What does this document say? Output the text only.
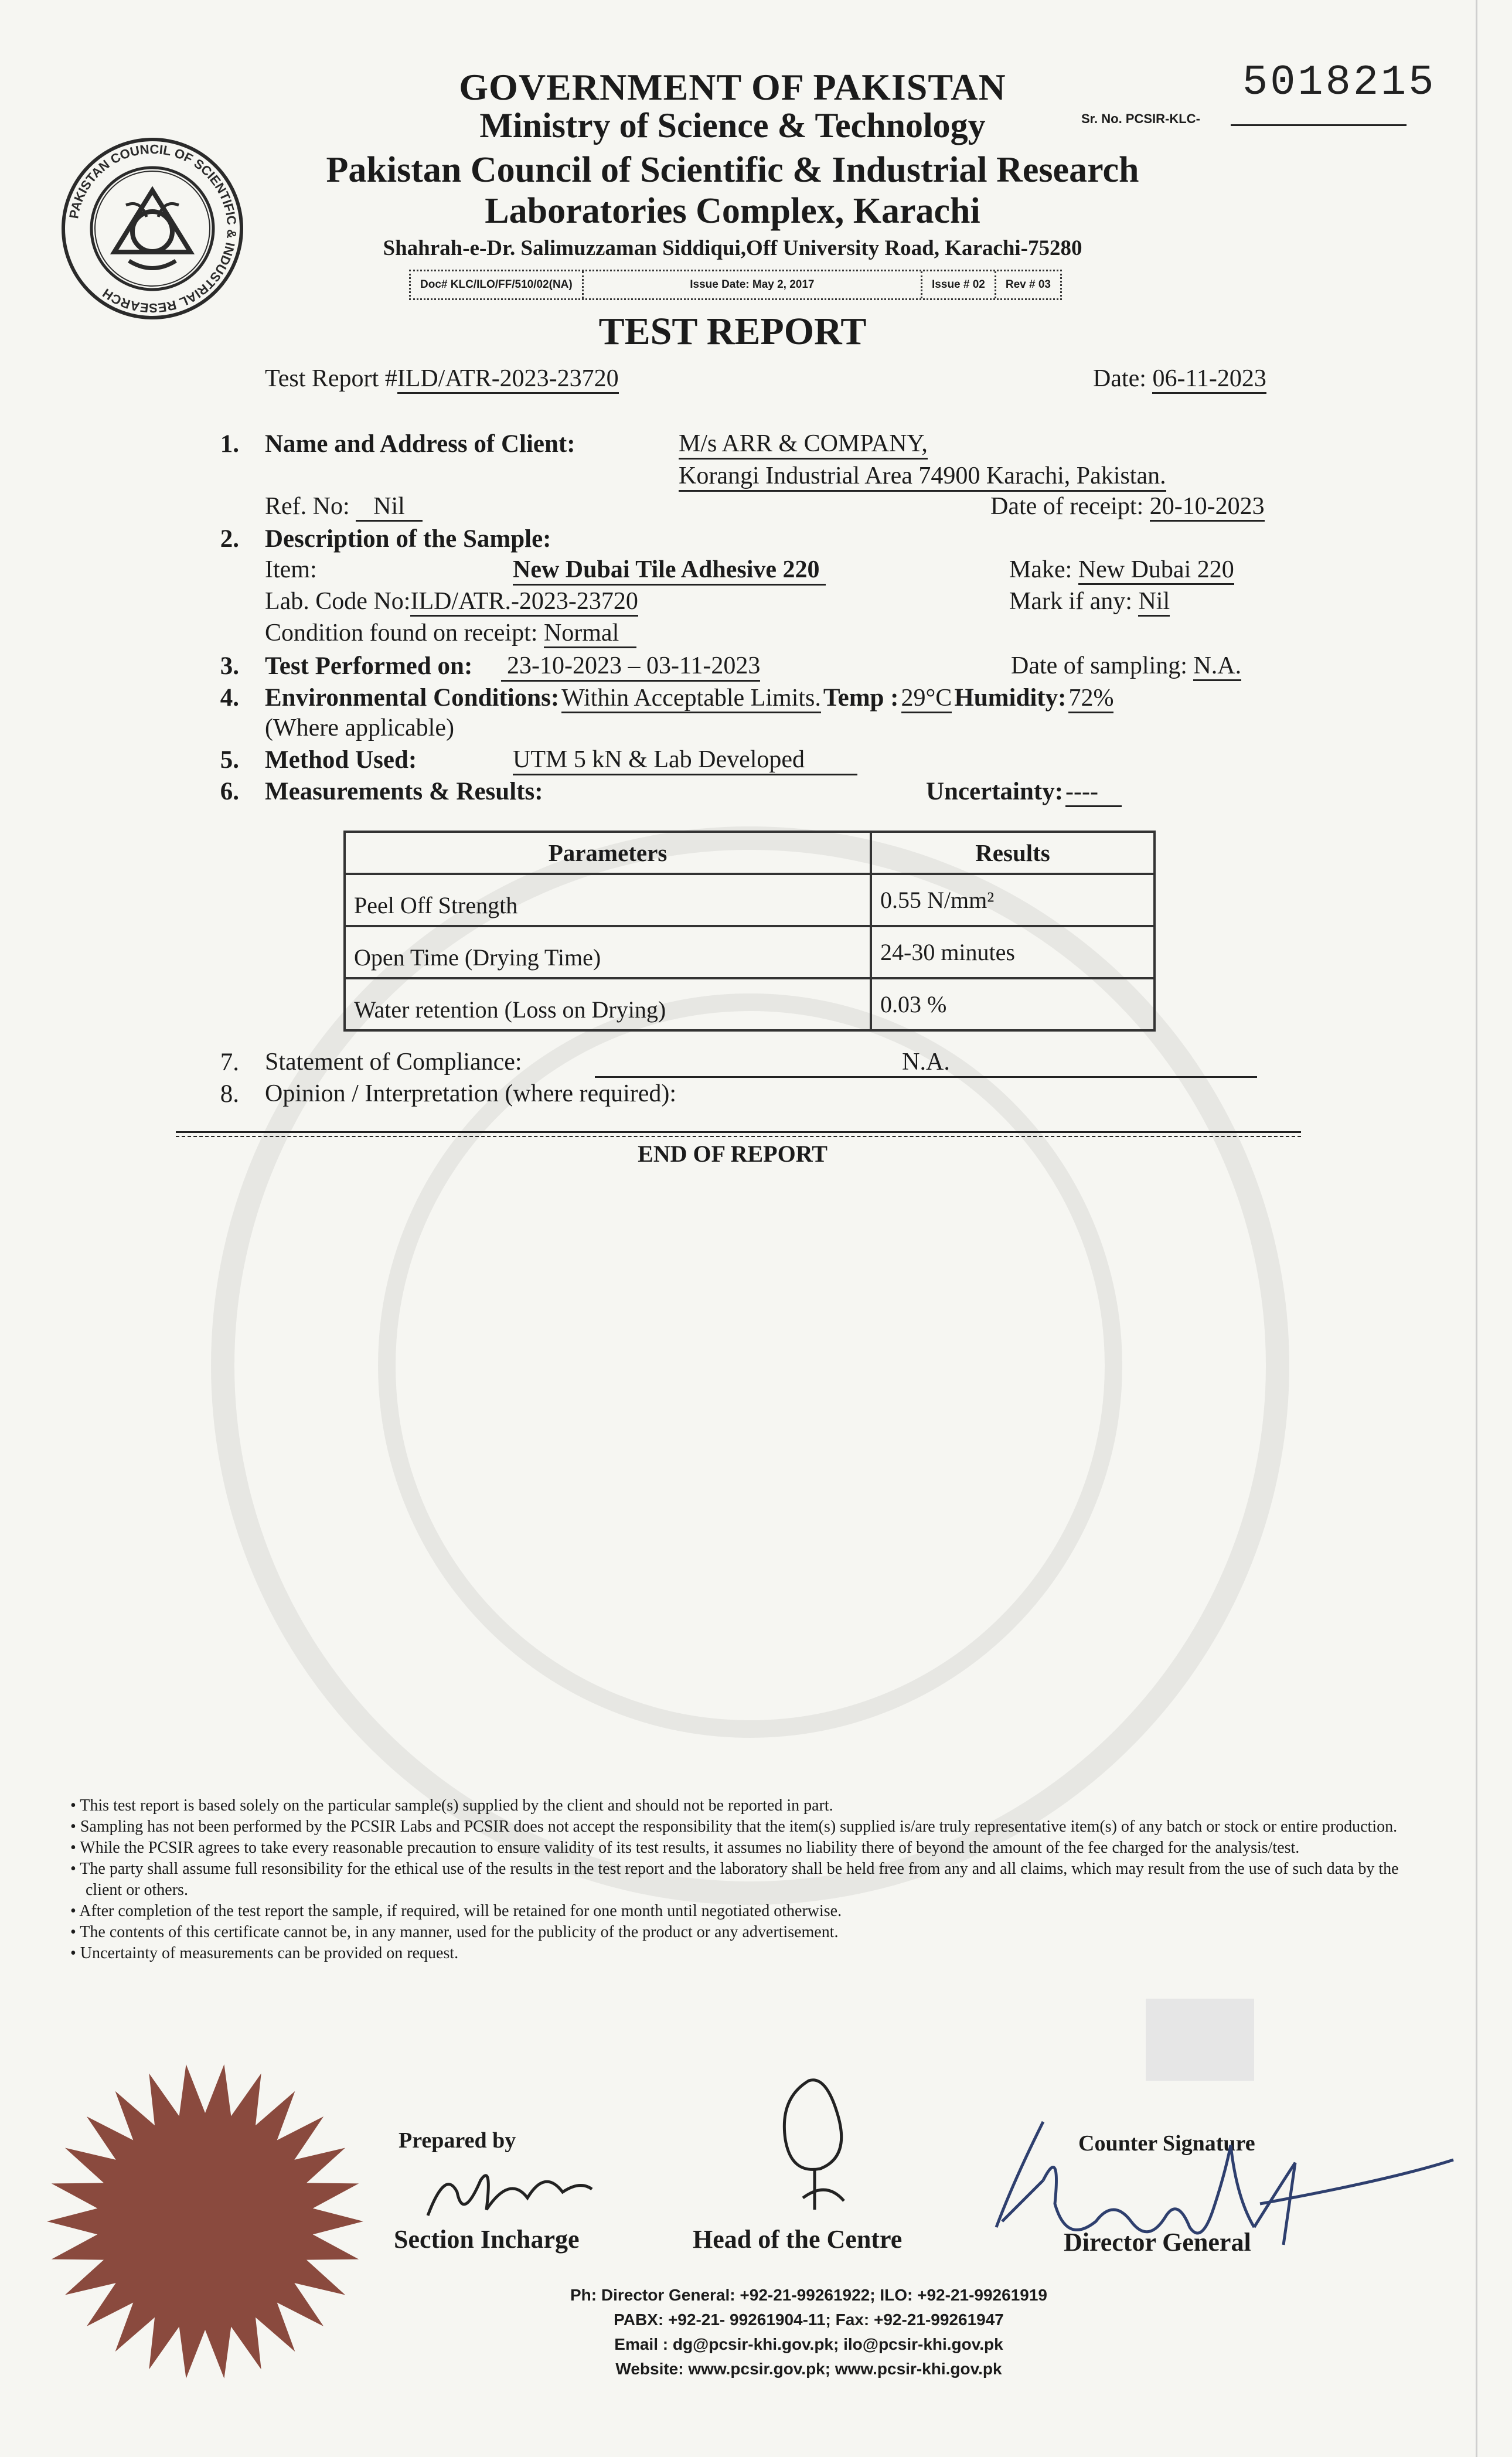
PAKISTAN COUNCIL OF SCIENTIFIC & INDUSTRIAL RESEARCH
5018215
Sr. No. PCSIR-KLC-
GOVERNMENT OF PAKISTAN
Ministry of Science & Technology
Pakistan Council of Scientific & Industrial Research
Laboratories Complex, Karachi
Shahrah-e-Dr. Salimuzzaman Siddiqui,Off University Road, Karachi-75280
Doc# KLC/ILO/FF/510/02(NA)	Issue Date: May 2, 2017	Issue # 02	Rev # 03
TEST REPORT
Test Report #ILD/ATR-2023-23720	Date: 06-11-2023
1. Name and Address of Client:	M/s ARR & COMPANY,
Korangi Industrial Area 74900 Karachi, Pakistan.
Ref. No: Nil	Date of receipt: 20-10-2023
2. Description of the Sample:
Item:	New Dubai Tile Adhesive 220	Make: New Dubai 220
Lab. Code No:ILD/ATR.-2023-23720	Mark if any: Nil
Condition found on receipt: Normal
3. Test Performed on: 23-10-2023 – 03-11-2023	Date of sampling: N.A.
4. Environmental Conditions: Within Acceptable Limits. Temp : 29°C Humidity: 72%
(Where applicable)
5. Method Used:	UTM 5 kN & Lab Developed
6. Measurements & Results:	Uncertainty: ----
Parameters	Results
Peel Off Strength	0.55 N/mm²
Open Time (Drying Time)	24-30 minutes
Water retention (Loss on Drying)	0.03 %
7. Statement of Compliance:	N.A.
8. Opinion / Interpretation (where required):
END OF REPORT
• This test report is based solely on the particular sample(s) supplied by the client and should not be reported in part.
• Sampling has not been performed by the PCSIR Labs and PCSIR does not accept the responsibility that the item(s) supplied is/are truly representative item(s) of any batch or stock or entire production.
• While the PCSIR agrees to take every reasonable precaution to ensure validity of its test results, it assumes no liability there of beyond the amount of the fee charged for the analysis/test.
• The party shall assume full resonsibility for the ethical use of the results in the test report and the laboratory shall be held free from any and all claims, which may result from the use of such data by the client or others.
• After completion of the test report the sample, if required, will be retained for one month until negotiated otherwise.
• The contents of this certificate cannot be, in any manner, used for the publicity of the product or any advertisement.
• Uncertainty of measurements can be provided on request.
Prepared by
Section Incharge	Head of the Centre
Counter Signature
Director General
Ph: Director General: +92-21-99261922; ILO: +92-21-99261919
PABX: +92-21- 99261904-11; Fax: +92-21-99261947
Email : dg@pcsir-khi.gov.pk; ilo@pcsir-khi.gov.pk
Website: www.pcsir.gov.pk; www.pcsir-khi.gov.pk
